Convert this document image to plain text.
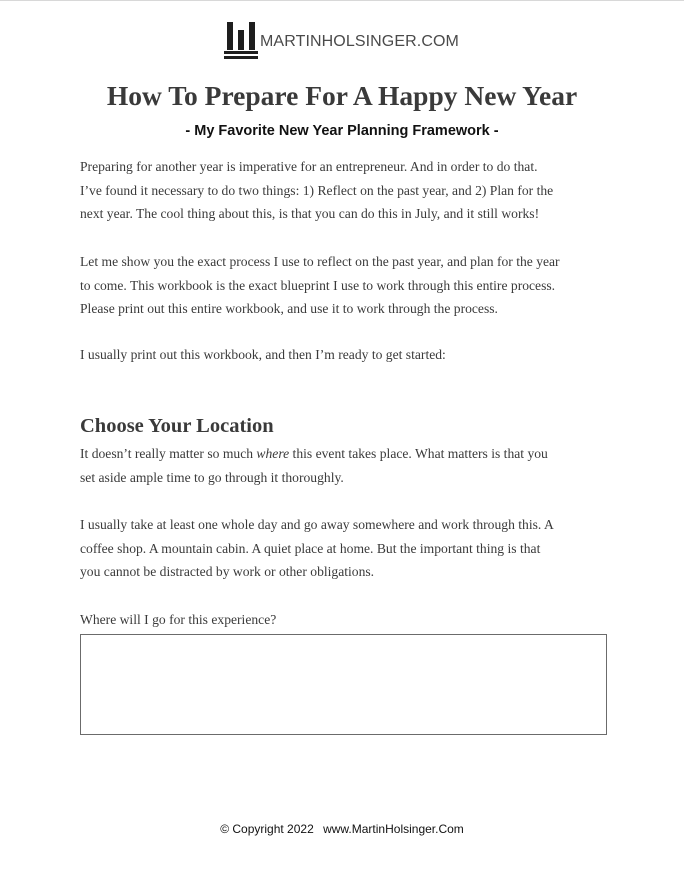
MARTINHOLSINGER.COM
How To Prepare For A Happy New Year
- My Favorite New Year Planning Framework -

Preparing for another year is imperative for an entrepreneur. And in order to do that.
I’ve found it necessary to do two things: 1) Reflect on the past year, and 2) Plan for the
next year. The cool thing about this, is that you can do this in July, and it still works!

Let me show you the exact process I use to reflect on the past year, and plan for the year
to come. This workbook is the exact blueprint I use to work through this entire process.
Please print out this entire workbook, and use it to work through the process.

I usually print out this workbook, and then I’m ready to get started:

Choose Your Location

It doesn’t really matter so much where this event takes place. What matters is that you
set aside ample time to go through it thoroughly.

I usually take at least one whole day and go away somewhere and work through this. A
coffee shop. A mountain cabin. A quiet place at home. But the important thing is that
you cannot be distracted by work or other obligations.

Where will I go for this experience?

© Copyright 2022 www.MartinHolsinger.Com
